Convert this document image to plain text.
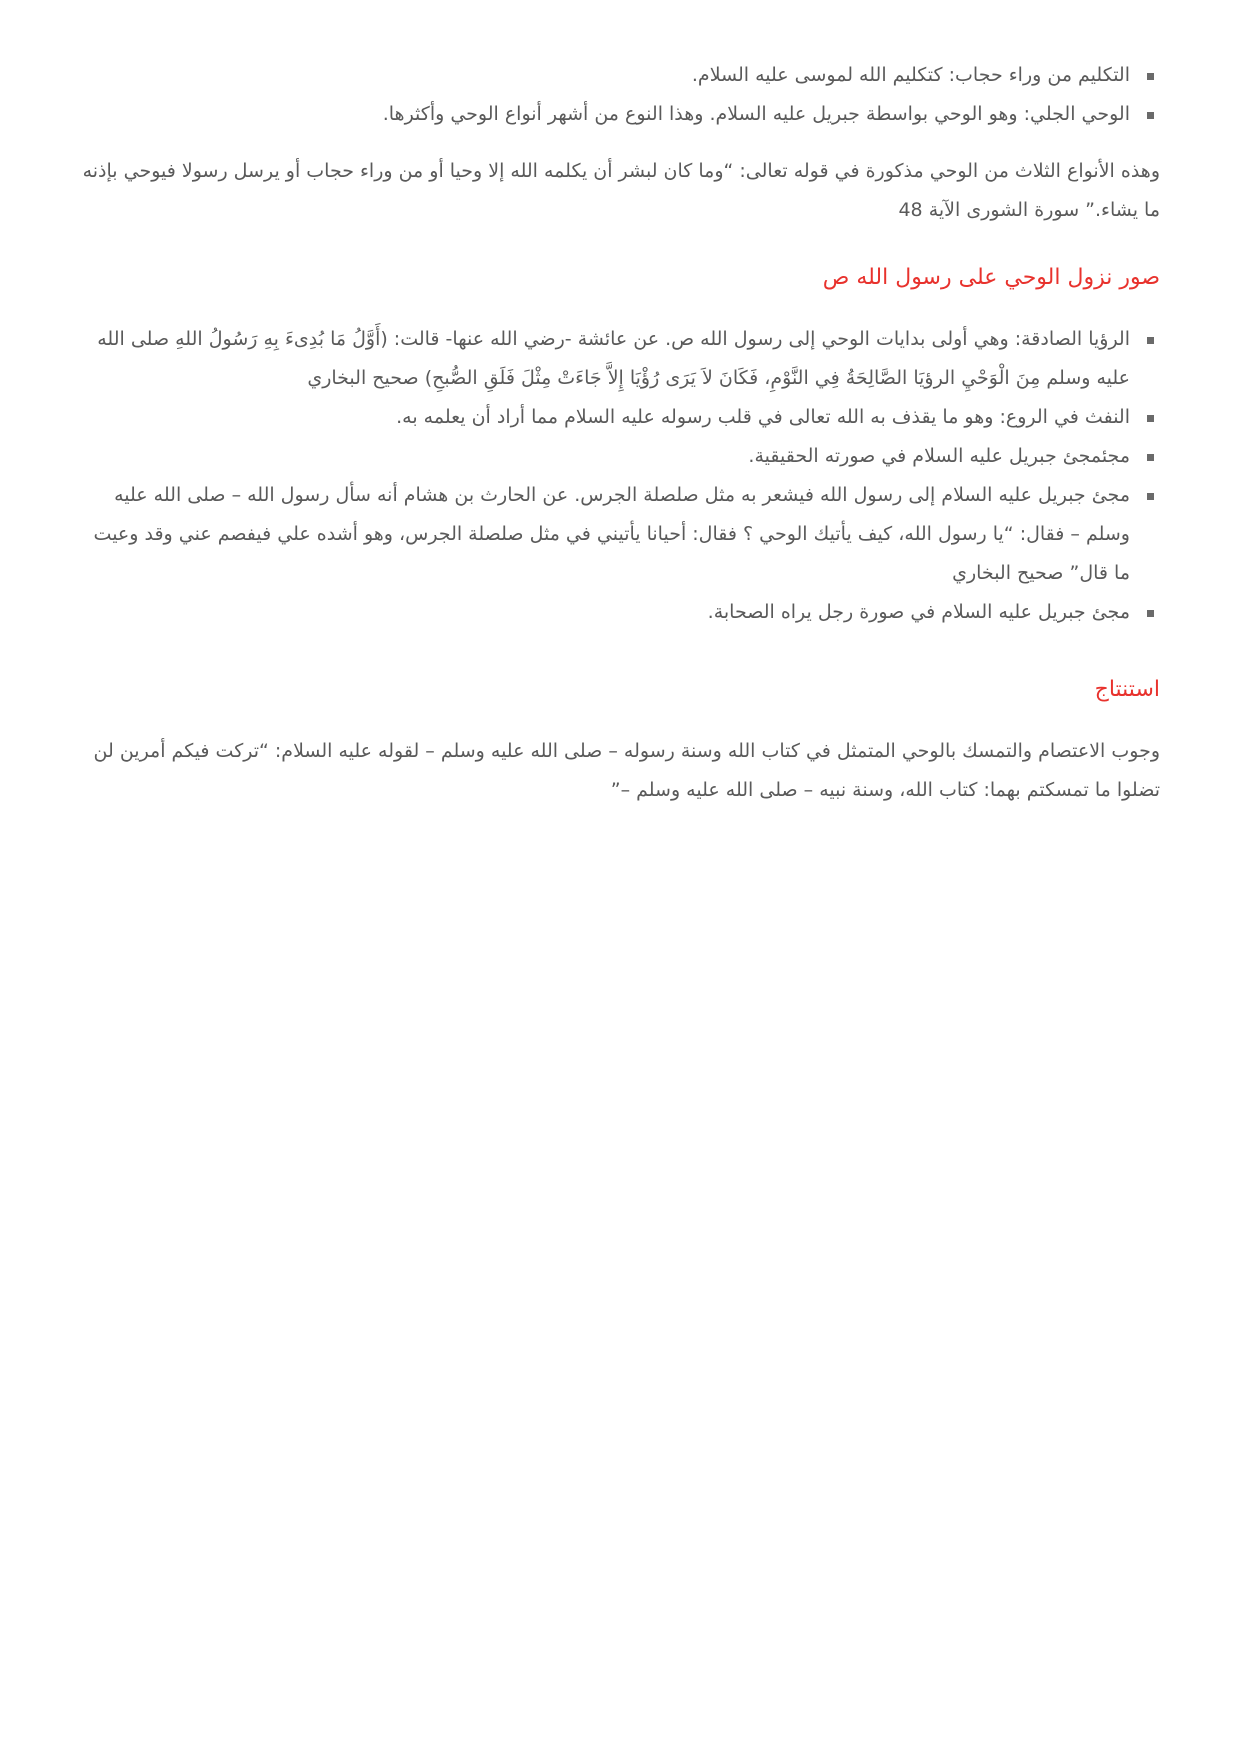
التكليم من وراء حجاب: كتكليم الله لموسى عليه السلام.
الوحي الجلي: وهو الوحي بواسطة جبريل عليه السلام. وهذا النوع من أشهر أنواع الوحي وأكثرها.

وهذه الأنواع الثلاث من الوحي مذكورة في قوله تعالى: “وما كان لبشر أن يكلمه الله إلا وحيا أو من وراء حجاب أو يرسل رسولا فيوحي بإذنه ما يشاء.” سورة الشورى الآية 48

صور نزول الوحي على رسول الله ص
الرؤيا الصادقة: وهي أولى بدايات الوحي إلى رسول الله ص. عن عائشة -رضي الله عنها- قالت: (أَوَّلُ مَا بُدِىءَ بِهِ رَسُولُ اللهِ صلى الله عليه وسلم مِنَ الْوَحْيِ الرؤيَا الصَّالِحَةُ فِي النَّوْمِ، فَكَانَ لاَ يَرَى رُؤْيَا إِلاَّ جَاءَتْ مِثْلَ فَلَقِ الصُّبحِ) صحيح البخاري
النفث في الروع: وهو ما يقذف به الله تعالى في قلب رسوله عليه السلام مما أراد أن يعلمه به.
مجئمجئ جبريل عليه السلام في صورته الحقيقية.
مجئ جبريل عليه السلام إلى رسول الله فيشعر به مثل صلصلة الجرس. عن الحارث بن هشام أنه سأل رسول الله – صلى الله عليه وسلم – فقال: “يا رسول الله، كيف يأتيك الوحي ؟ فقال: أحيانا يأتيني في مثل صلصلة الجرس، وهو أشده علي فيفصم عني وقد وعيت ما قال” صحيح البخاري
مجئ جبريل عليه السلام في صورة رجل يراه الصحابة.
استنتاج

وجوب الاعتصام والتمسك بالوحي المتمثل في كتاب الله وسنة رسوله – صلى الله عليه وسلم – لقوله عليه السلام: “تركت فيكم أمرين لن تضلوا ما تمسكتم بهما: كتاب الله، وسنة نبيه – صلى الله عليه وسلم –”
